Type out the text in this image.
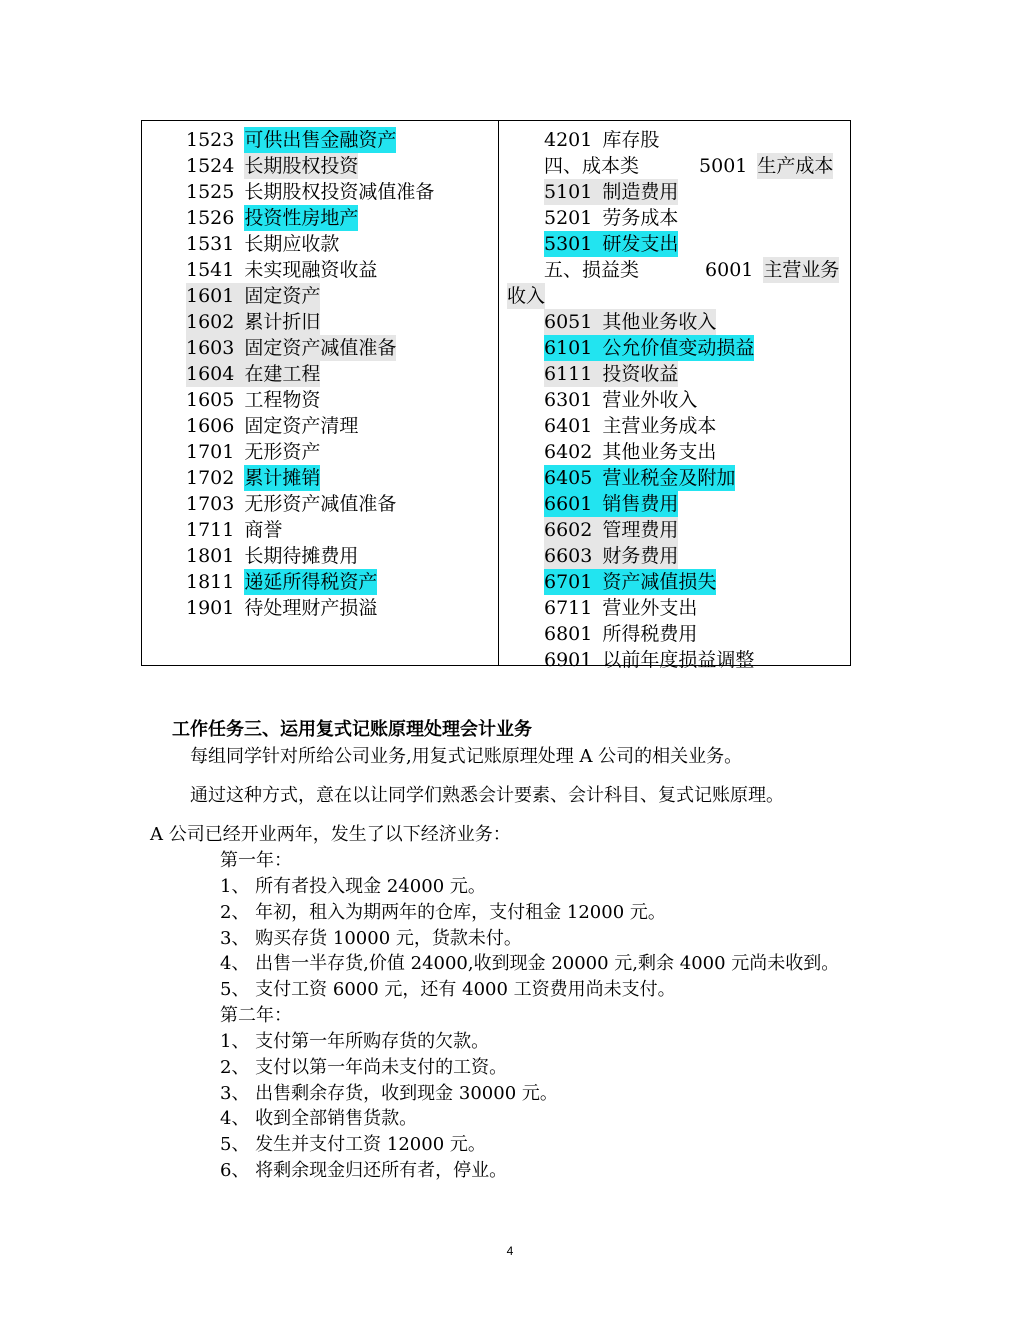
1523 可供出售金融资产
1524 长期股权投资
1525 长期股权投资减值准备
1526 投资性房地产
1531 长期应收款
1541 未实现融资收益
1601 固定资产
1602 累计折旧
1603 固定资产减值准备
1604 在建工程
1605 工程物资
1606 固定资产清理
1701 无形资产
1702 累计摊销
1703 无形资产减值准备
1711 商誉
1801 长期待摊费用
1811 递延所得税资产
1901 待处理财产损溢
4201 库存股
四、成本类	5001 生产成本
5101 制造费用
5201 劳务成本
5301 研发支出
五、损益类	6001 主营业务
收入
6051 其他业务收入
6101 公允价值变动损益
6111 投资收益
6301 营业外收入
6401 主营业务成本
6402 其他业务支出
6405 营业税金及附加
6601 销售费用
6602 管理费用
6603 财务费用
6701 资产减值损失
6711 营业外支出
6801 所得税费用
6901 以前年度损益调整
工作任务三、运用复式记账原理处理会计业务
每组同学针对所给公司业务,用复式记账原理处理 A 公司的相关业务。
通过这种方式，意在以让同学们熟悉会计要素、会计科目、复式记账原理。
A 公司已经开业两年，发生了以下经济业务：
第一年：
1、 所有者投入现金 24000 元。
2、 年初，租入为期两年的仓库，支付租金 12000 元。
3、 购买存货 10000 元，货款未付。
4、 出售一半存货,价值 24000,收到现金 20000 元,剩余 4000 元尚未收到。
5、 支付工资 6000 元，还有 4000 工资费用尚未支付。
第二年：
1、 支付第一年所购存货的欠款。
2、 支付以第一年尚未支付的工资。
3、 出售剩余存货，收到现金 30000 元。
4、 收到全部销售货款。
5、 发生并支付工资 12000 元。
6、 将剩余现金归还所有者，停业。
4
